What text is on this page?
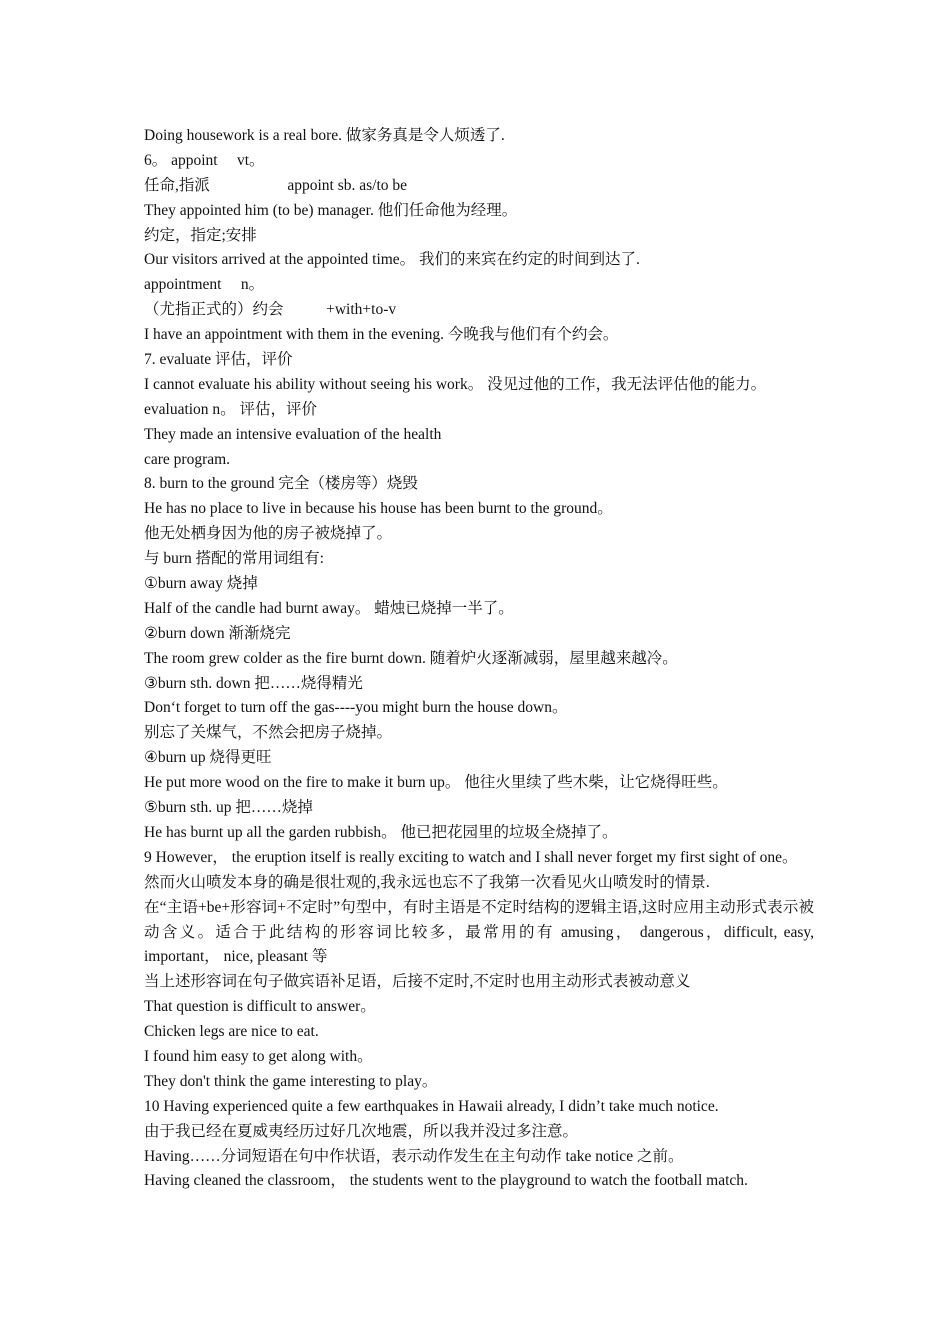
Doing housework is a real bore. 做家务真是令人烦透了.
6。 appoint     vt。
任命,指派                    appoint sb. as/to be
They appointed him (to be) manager. 他们任命他为经理。
约定，指定;安排
Our visitors arrived at the appointed time。 我们的来宾在约定的时间到达了.
appointment     n。
（尤指正式的）约会           +with+to-v
I have an appointment with them in the evening. 今晚我与他们有个约会。
7. evaluate 评估，评价
I cannot evaluate his ability without seeing his work。 没见过他的工作，我无法评估他的能力。
evaluation n。 评估，评价
They made an intensive evaluation of the health
care program.
8. burn to the ground 完全（楼房等）烧毁
He has no place to live in because his house has been burnt to the ground。
他无处栖身因为他的房子被烧掉了。
与 burn 搭配的常用词组有:
①burn away 烧掉
Half of the candle had burnt away。 蜡烛已烧掉一半了。
②burn down 渐渐烧完
The room grew colder as the fire burnt down. 随着炉火逐渐减弱，屋里越来越冷。
③burn sth. down 把……烧得精光
Don‘t forget to turn off the gas----you might burn the house down。
别忘了关煤气，不然会把房子烧掉。
④burn up 烧得更旺
He put more wood on the fire to make it burn up。 他往火里续了些木柴，让它烧得旺些。
⑤burn sth. up 把……烧掉
He has burnt up all the garden rubbish。 他已把花园里的垃圾全烧掉了。
9 However， the eruption itself is really exciting to watch and I shall never forget my first sight of one。
然而火山喷发本身的确是很壮观的,我永远也忘不了我第一次看见火山喷发时的情景.
在“主语+be+形容词+不定时”句型中，有时主语是不定时结构的逻辑主语,这时应用主动形式表示被动含义。适合于此结构的形容词比较多，最常用的有 amusing， dangerous，difficult, easy, important， nice, pleasant 等
当上述形容词在句子做宾语补足语，后接不定时,不定时也用主动形式表被动意义
That question is difficult to answer。
Chicken legs are nice to eat.
I found him easy to get along with。
They don't think the game interesting to play。
10 Having experienced quite a few earthquakes in Hawaii already, I didn’t take much notice.
由于我已经在夏威夷经历过好几次地震，所以我并没过多注意。
Having……分词短语在句中作状语，表示动作发生在主句动作 take notice 之前。
Having cleaned the classroom， the students went to the playground to watch the football match.
